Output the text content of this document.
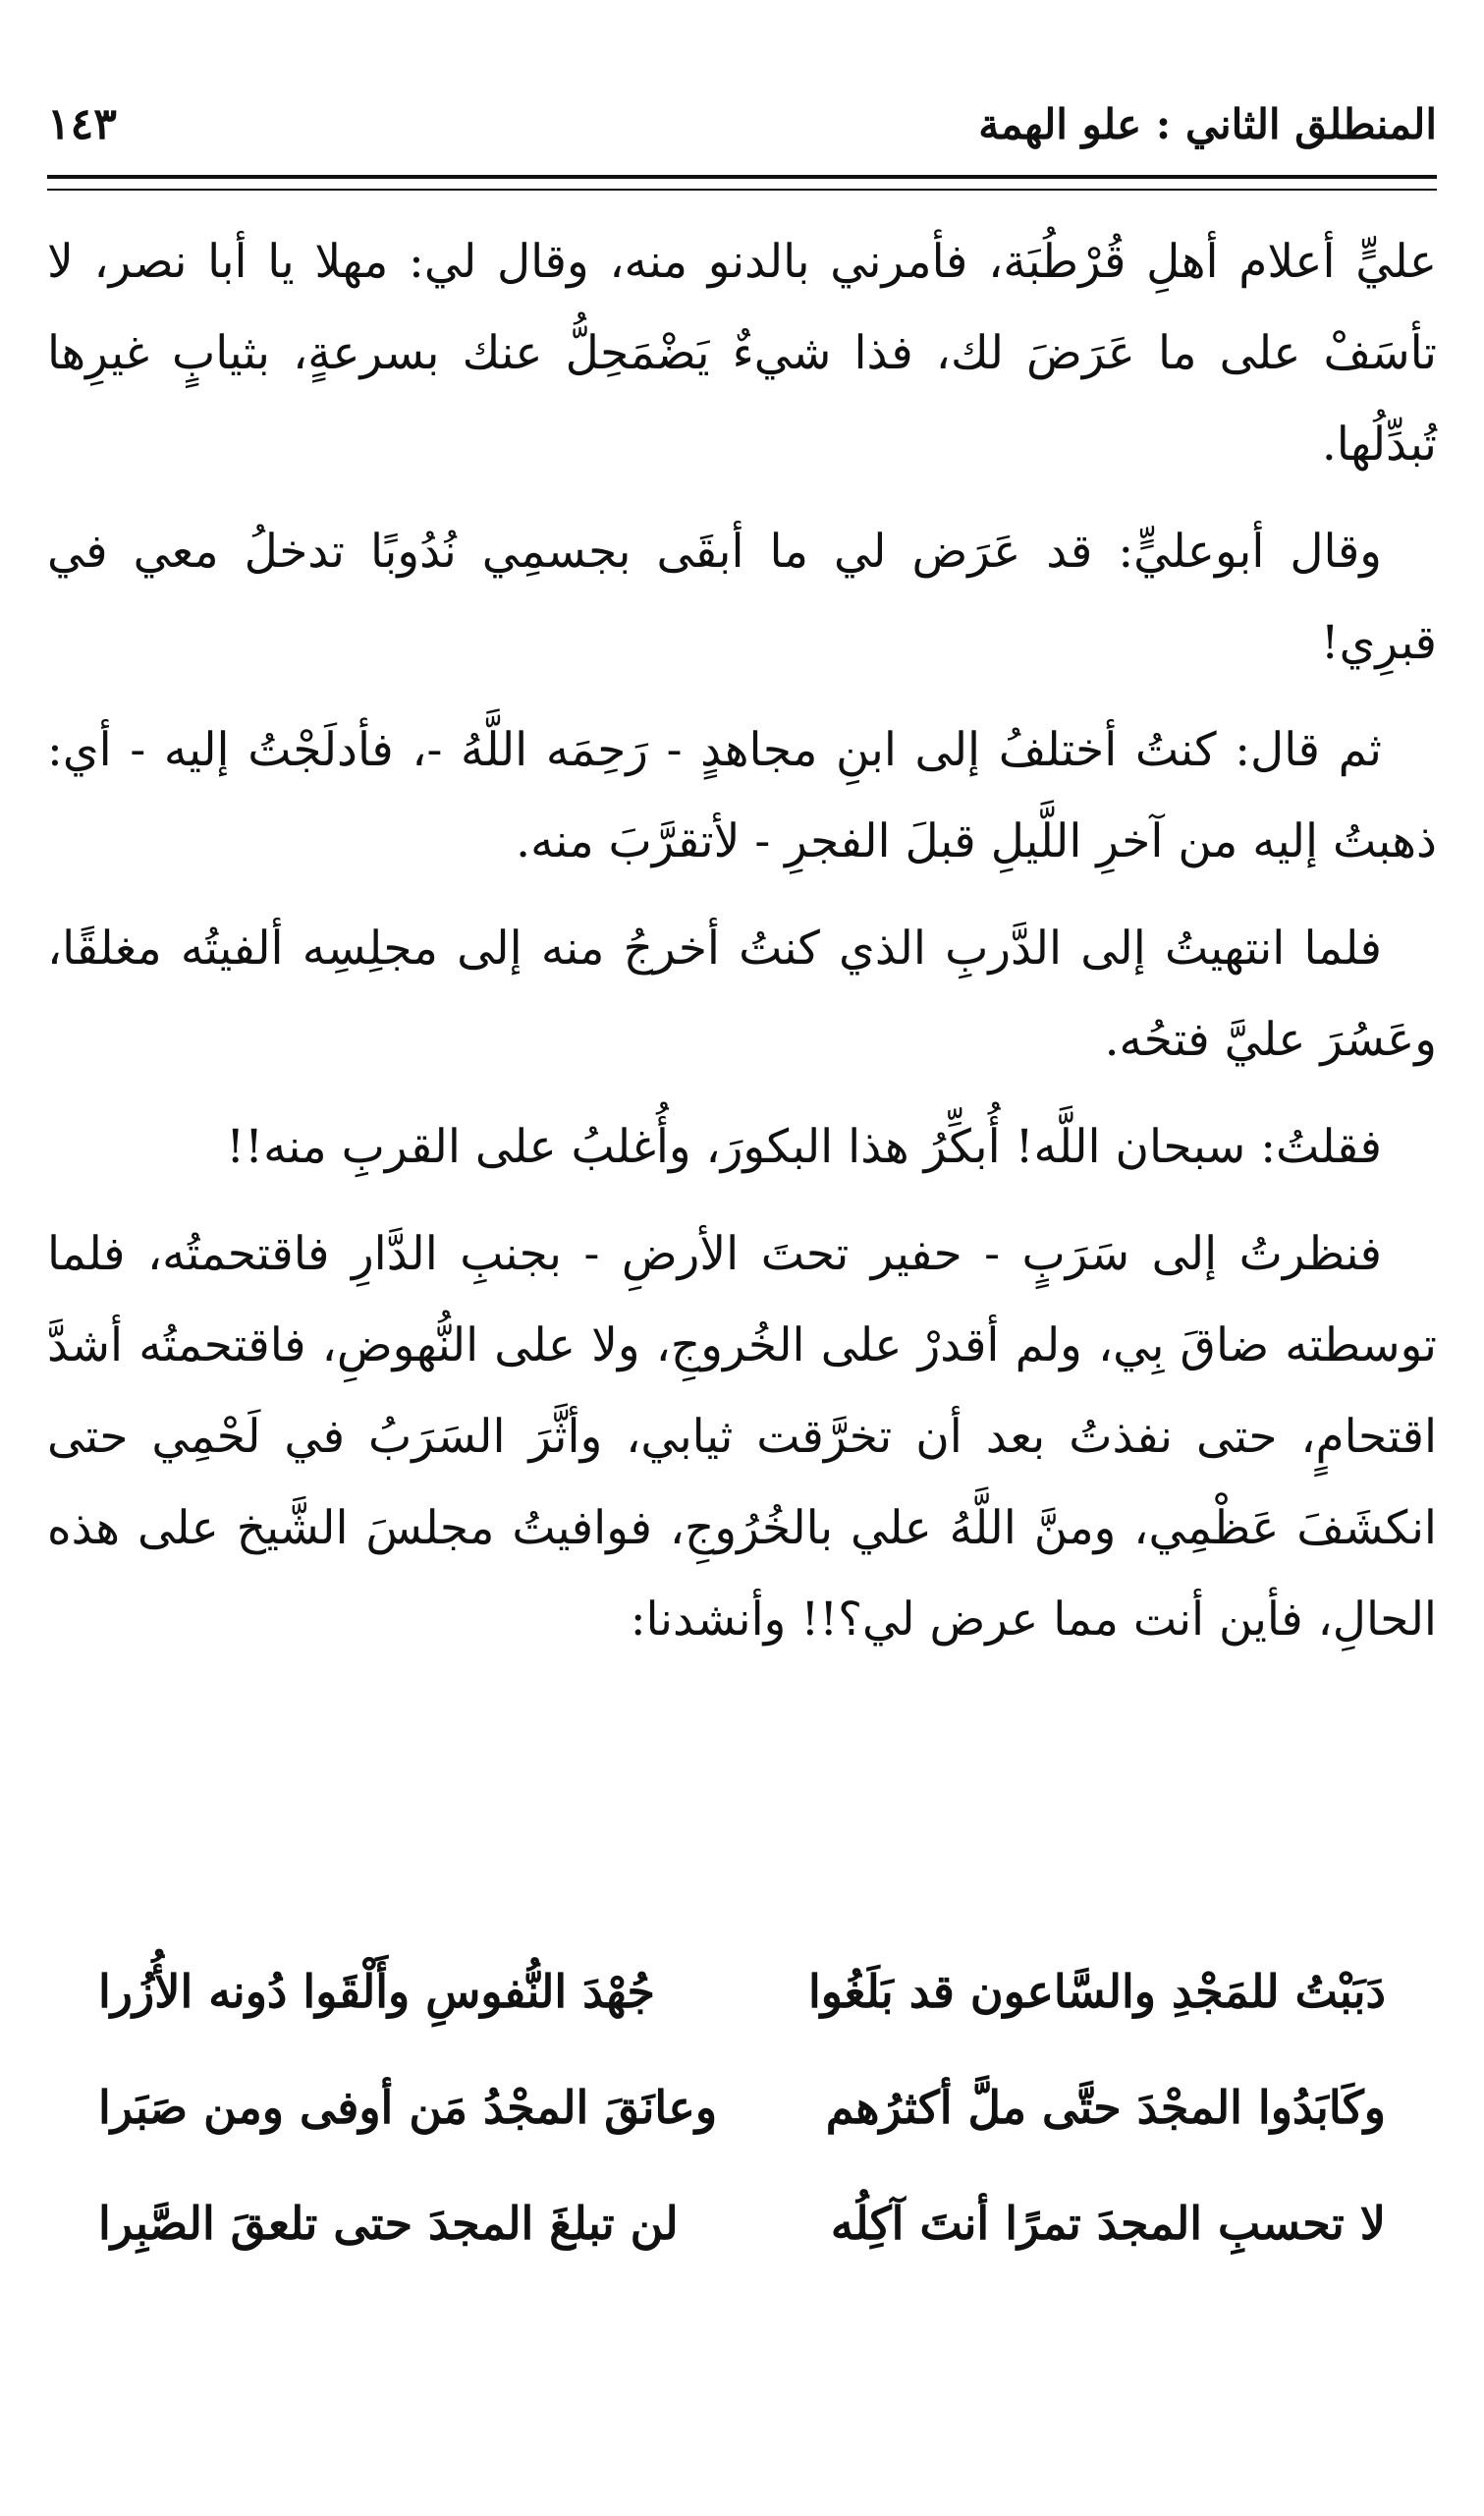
المنطلق الثاني : علو الهمة
١٤٣

عليٍّ أعلام أهلِ قُرْطُبَة، فأمرني بالدنو منه، وقال لي: مهلا يا أبا نصر، لا تأسَفْ على ما عَرَضَ لك، فذا شيءٌ يَضْمَحِلُّ عنك بسرعةٍ، بثيابٍ غيرِها تُبدِّلُها.

وقال أبوعليٍّ: قد عَرَض لي ما أبقَى بجسمِي نُدُوبًا تدخلُ معي في قبرِي!

ثم قال: كنتُ أختلفُ إلى ابنِ مجاهدٍ - رَحِمَه اللَّهُ -، فأدلَجْتُ إليه - أي: ذهبتُ إليه من آخرِ اللَّيلِ قبلَ الفجرِ - لأتقرَّبَ منه.

فلما انتهيتُ إلى الدَّربِ الذي كنتُ أخرجُ منه إلى مجلِسِه ألفيتُه مغلقًا، وعَسُرَ عليَّ فتحُه.

فقلتُ: سبحان اللَّه! أُبكِّرُ هذا البكورَ، وأُغلبُ على القربِ منه!!

فنظرتُ إلى سَرَبٍ - حفير تحتَ الأرضِ - بجنبِ الدَّارِ فاقتحمتُه، فلما توسطته ضاقَ بِي، ولم أقدرْ على الخُروجِ، ولا على النُّهوضِ، فاقتحمتُه أشدَّ اقتحامٍ، حتى نفذتُ بعد أن تخرَّقت ثيابي، وأثَّرَ السَرَبُ في لَحْمِي حتى انكشَفَ عَظْمِي، ومنَّ اللَّهُ علي بالخُرُوجِ، فوافيتُ مجلسَ الشَّيخ على هذه الحالِ، فأين أنت مما عرض لي؟!! وأنشدنا:

دَبَبْتُ للمَجْدِ والسَّاعون قد بَلَغُوا
جُهْدَ النُّفوسِ وأَلْقَوا دُونه الأُزُرا
وكَابَدُوا المجْدَ حتَّى ملَّ أكثرُهم
وعانَقَ المجْدُ مَن أوفى ومن صَبَرا
لا تحسبِ المجدَ تمرًا أنتَ آكِلُه
لن تبلغَ المجدَ حتى تلعقَ الصَّبِرا
